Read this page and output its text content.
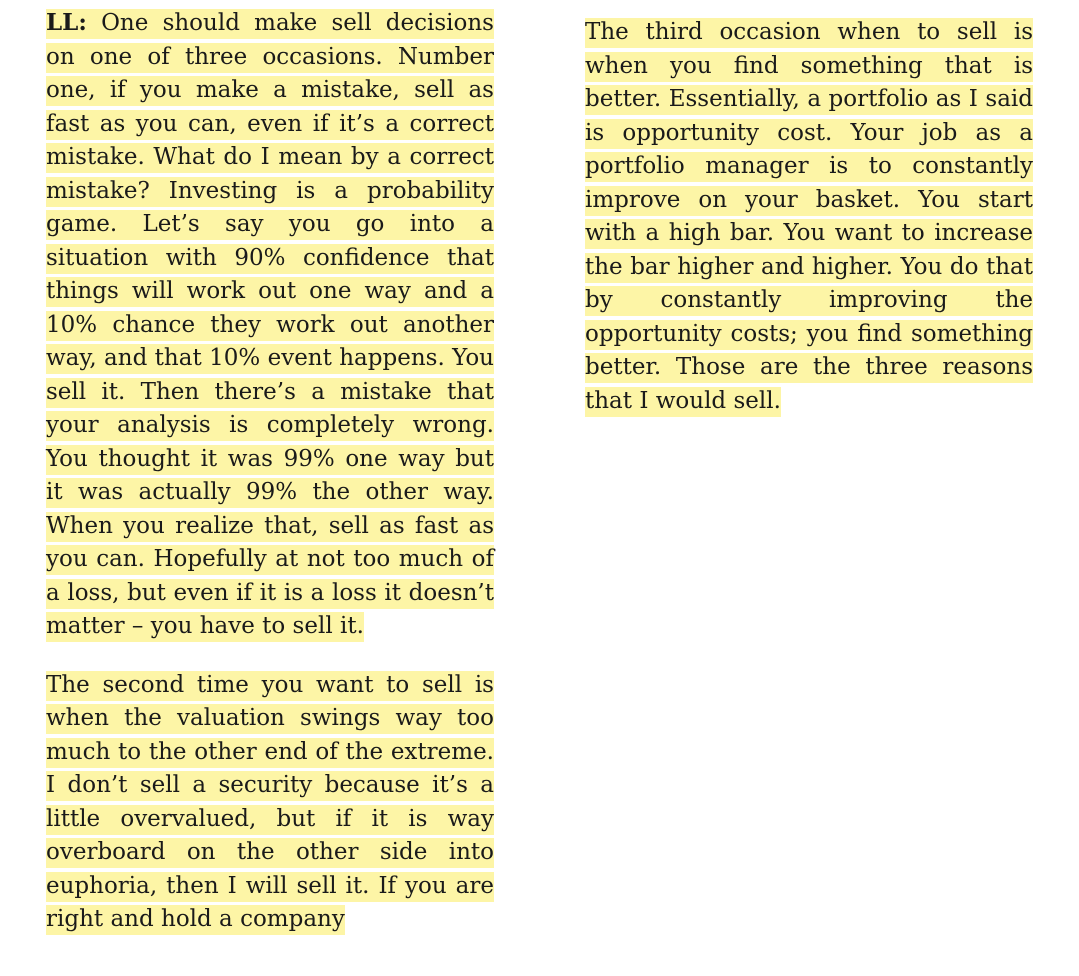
LL: One should make sell decisions on one of three occasions. Number one, if you make a mistake, sell as fast as you can, even if it’s a correct mistake. What do I mean by a correct mistake? Investing is a probability game. Let’s say you go into a situation with 90% confidence that things will work out one way and a 10% chance they work out another way, and that 10% event happens. You sell it. Then there’s a mistake that your analysis is completely wrong. You thought it was 99% one way but it was actually 99% the other way. When you realize that, sell as fast as you can. Hopefully at not too much of a loss, but even if it is a loss it doesn’t matter – you have to sell it.

The second time you want to sell is when the valuation swings way too much to the other end of the extreme. I don’t sell a security because it’s a little overvalued, but if it is way overboard on the other side into euphoria, then I will sell it. If you are right and hold a company

The third occasion when to sell is when you find something that is better. Essentially, a portfolio as I said is opportunity cost. Your job as a portfolio manager is to constantly improve on your basket. You start with a high bar. You want to increase the bar higher and higher. You do that by constantly improving the opportunity costs; you find something better. Those are the three reasons that I would sell.
